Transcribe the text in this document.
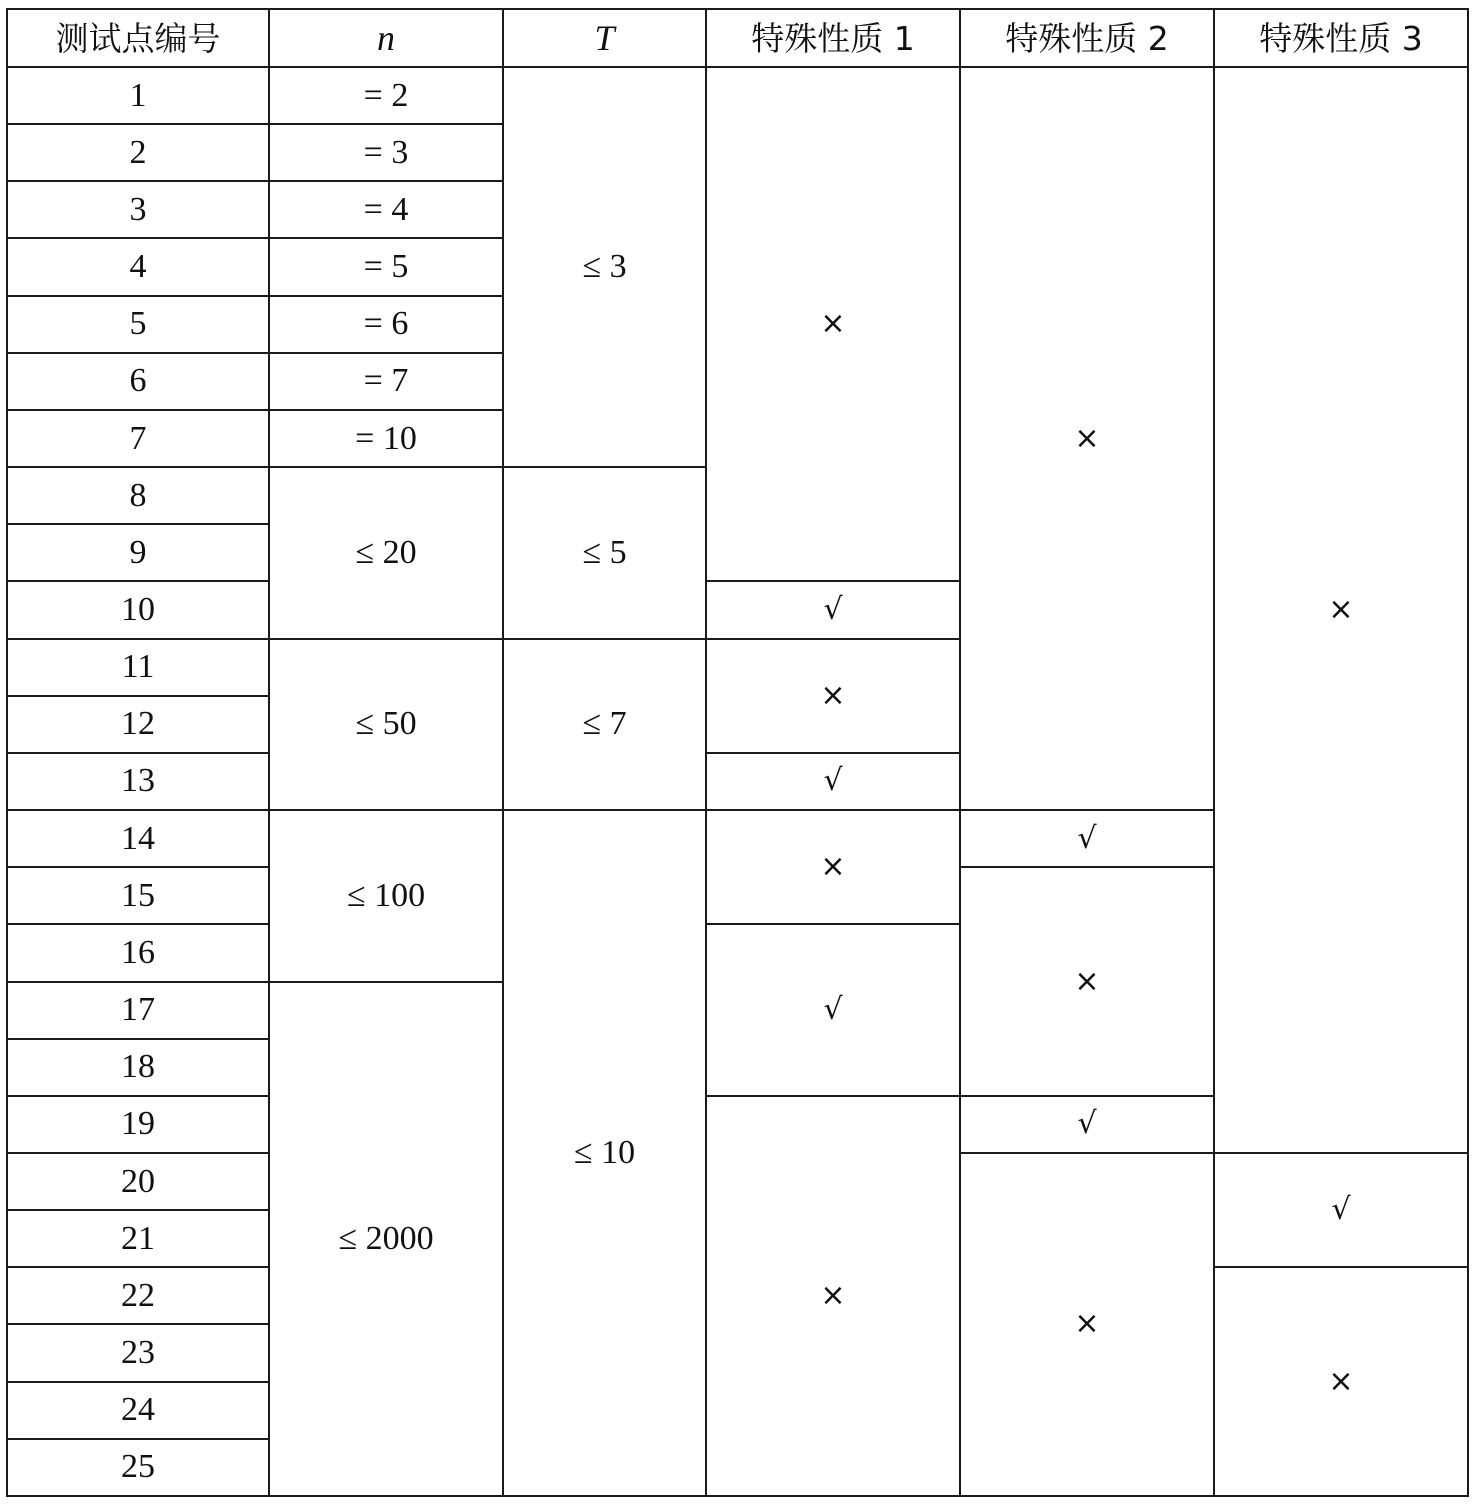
测试点编号	n	T	特殊性质 1	特殊性质 2	特殊性质 3
1	= 2	≤ 3	×	×	×
2	= 3				
3	= 4				
4	= 5				
5	= 6				
6	= 7				
7	= 10				
8	≤ 20	≤ 5			
9					
10			√		
11	≤ 50	≤ 7	×		
12					
13			√		
14	≤ 100	≤ 10	×	√	
15				×	
16			√		
17	≤ 2000				
18					
19			×	√	
20				×	√
21					
22					×
23					
24					
25					
